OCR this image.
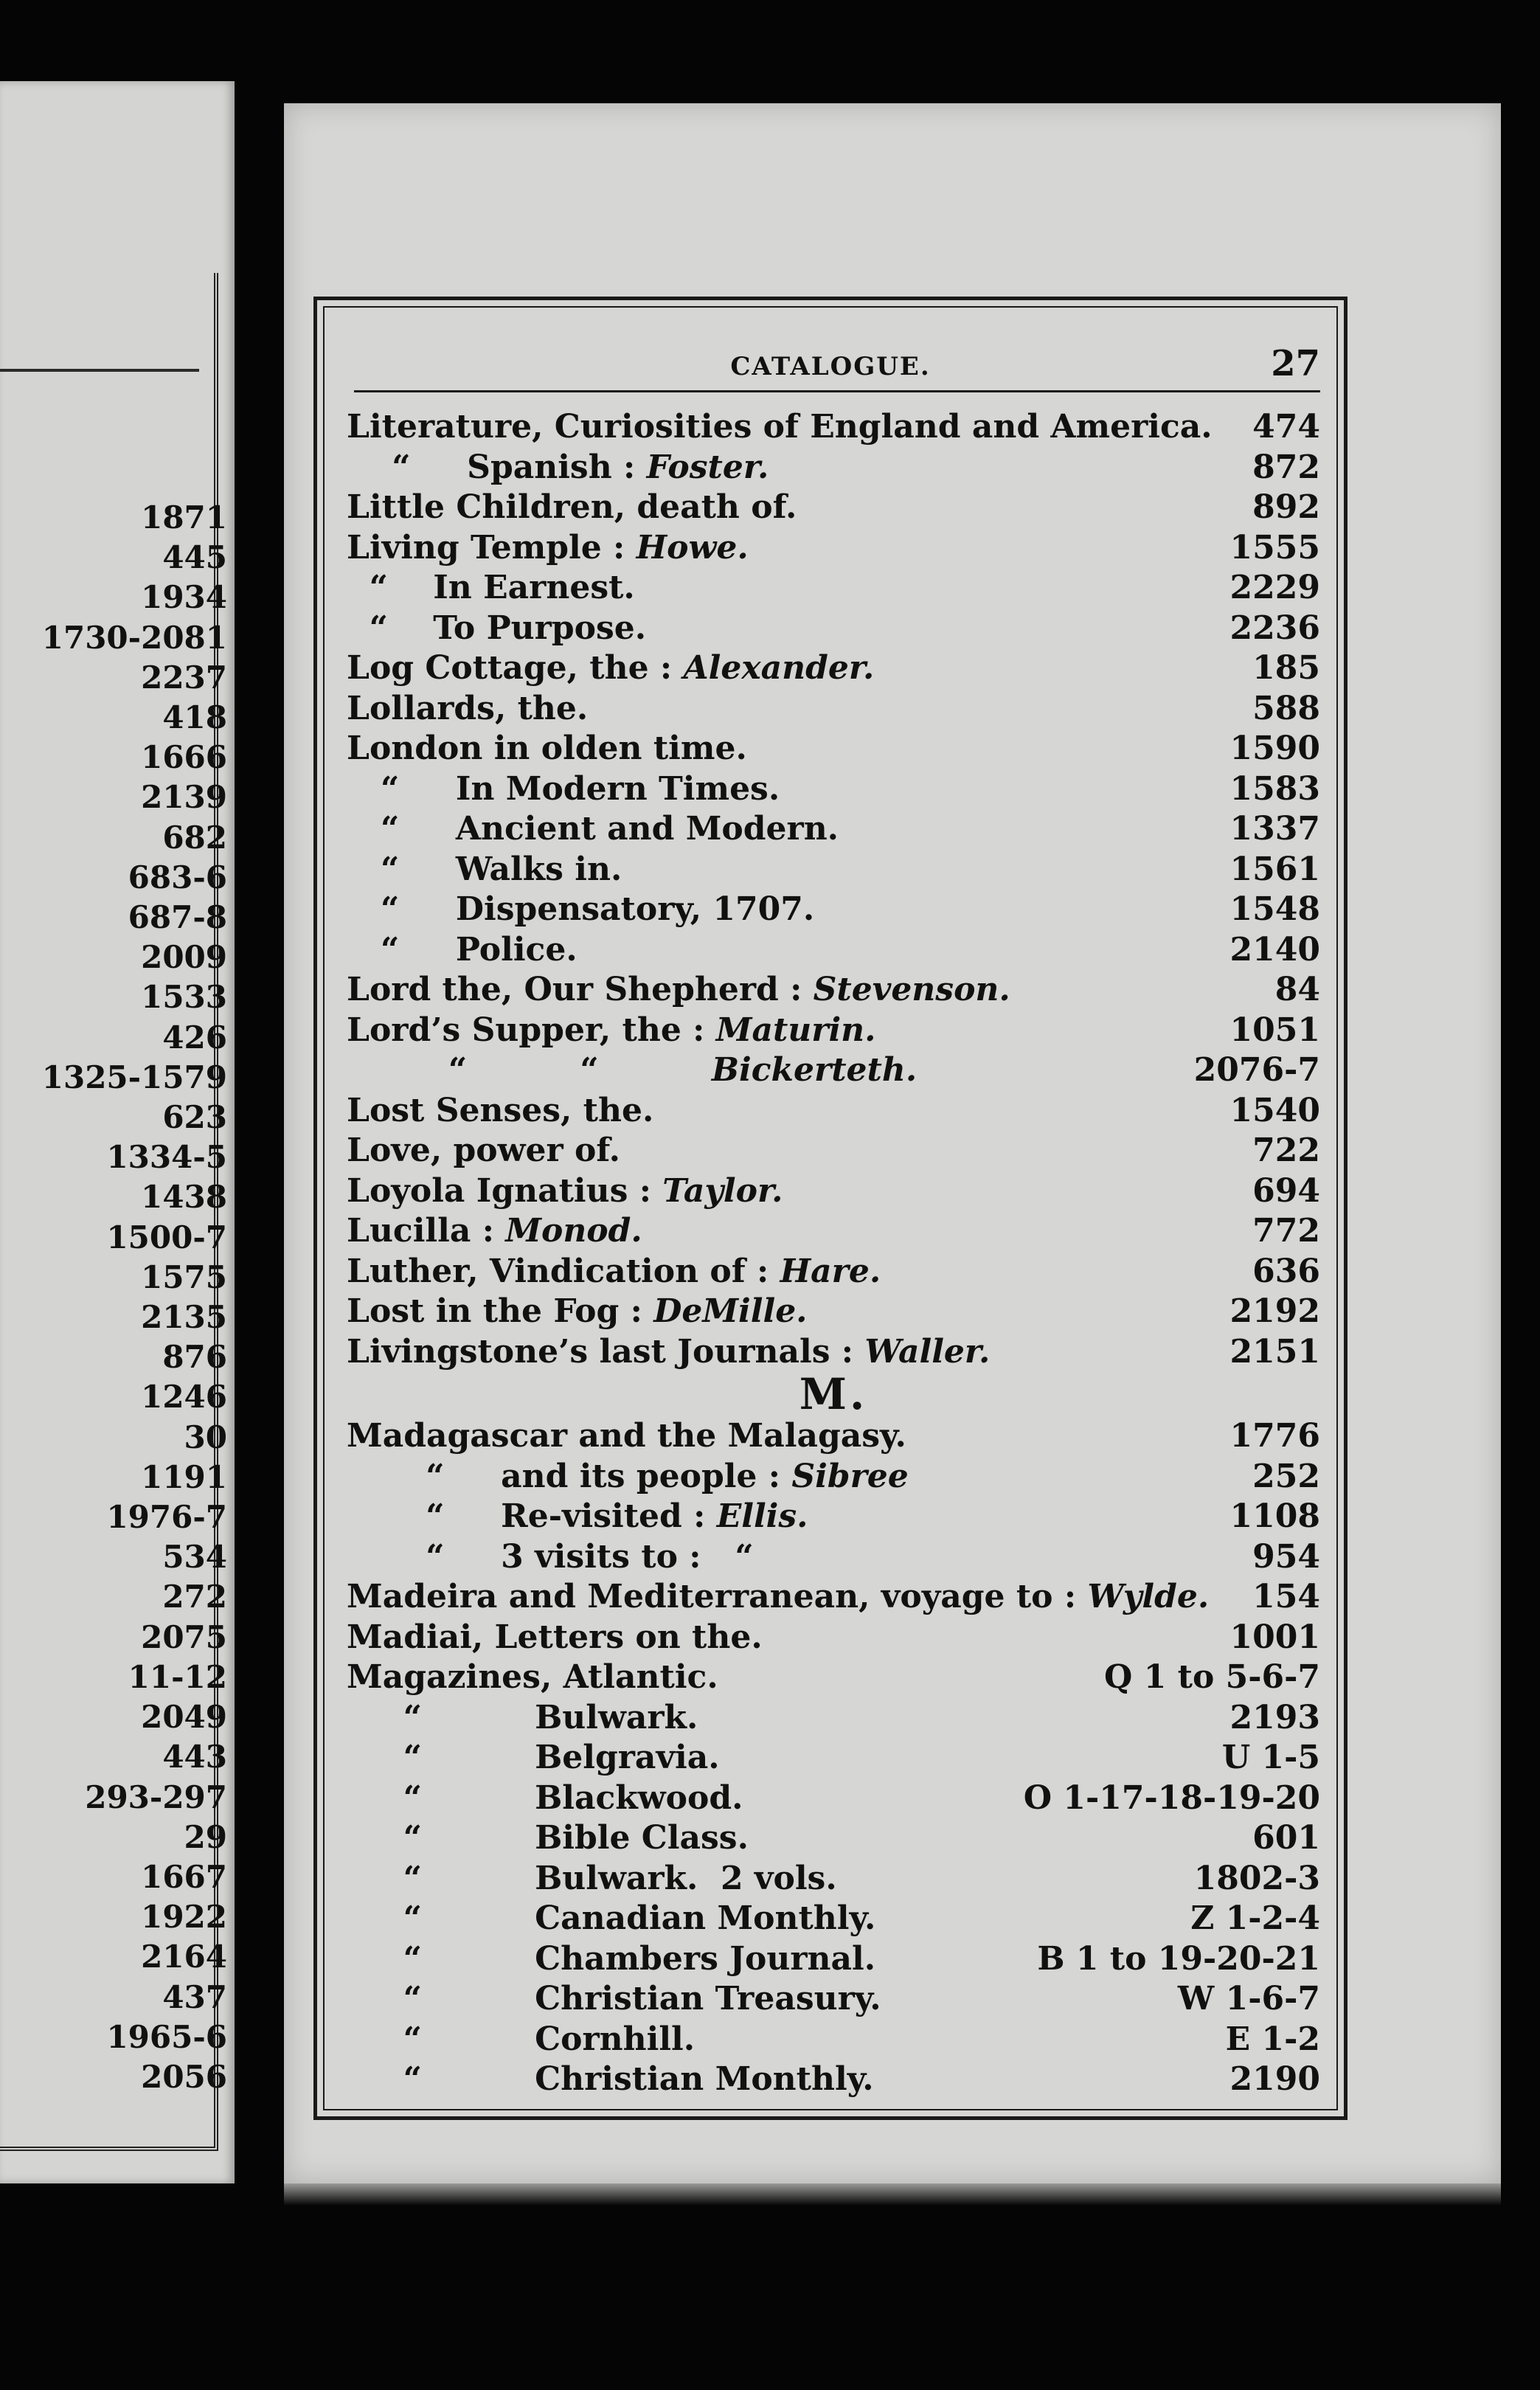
1871
445
1934
1730-2081
2237
418
1666
2139
682
683-6
687-8
2009
1533
426
1325-1579
623
1334-5
1438
1500-7
1575
2135
876
1246
30
1191
1976-7
534
272
2075
11-12
2049
443
293-297
29
1667
1922
2164
437
1965-6
2056
CATALOGUE.	27
Literature, Curiosities of England and America. 474
“     Spanish : Foster.	872
Little Children, death of.	892
Living Temple : Howe.	1555
“    In Earnest.	2229
“    To Purpose.	2236
Log Cottage, the : Alexander.	185
Lollards, the.	588
London in olden time.	1590
“     In Modern Times.	1583
“     Ancient and Modern.	1337
“     Walks in.	1561
“     Dispensatory, 1707.	1548
“     Police.	2140
Lord the, Our Shepherd : Stevenson.	84
Lord’s Supper, the : Maturin.	1051
“          “          Bickerteth.	2076-7
Lost Senses, the.	1540
Love, power of.	722
Loyola Ignatius : Taylor.	694
Lucilla : Monod.	772
Luther, Vindication of : Hare.	636
Lost in the Fog : DeMille.	2192
Livingstone’s last Journals : Waller.	2151
M.
Madagascar and the Malagasy.	1776
“     and its people : Sibree	252
“     Re-visited : Ellis.	1108
“     3 visits to :   “	954
Madeira and Mediterranean, voyage to : Wylde. 154
Madiai, Letters on the.	1001
Magazines, Atlantic.	Q 1 to 5-6-7
“          Bulwark.	2193
“          Belgravia.	U 1-5
“          Blackwood.	O 1-17-18-19-20
“          Bible Class.	601
“          Bulwark.  2 vols.	1802-3
“          Canadian Monthly.	Z 1-2-4
“          Chambers Journal.	B 1 to 19-20-21
“          Christian Treasury.	W 1-6-7
“          Cornhill.	E 1-2
“          Christian Monthly.	2190
